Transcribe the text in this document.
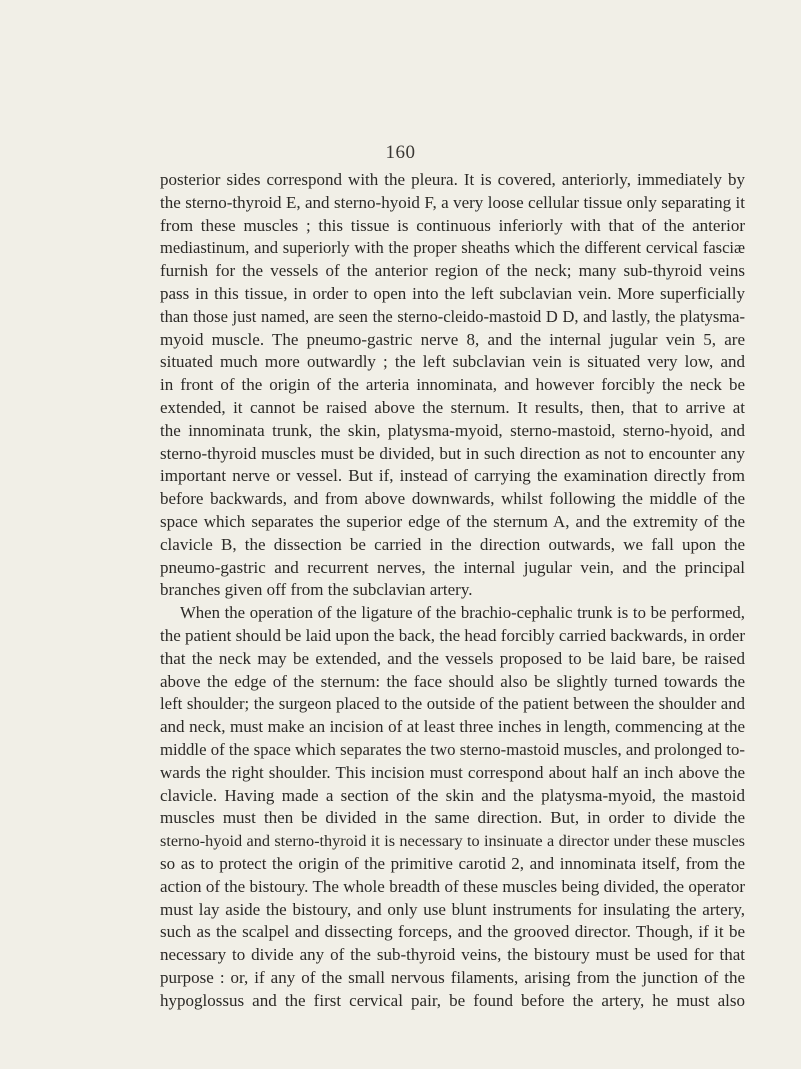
160

posterior sides correspond with the pleura. It is covered, anteriorly, immediately by

the sterno-thyroid E, and sterno-hyoid F, a very loose cellular tissue only separating it

from these muscles ; this tissue is continuous inferiorly with that of the anterior

mediastinum, and superiorly with the proper sheaths which the different cervical fasciæ

furnish for the vessels of the anterior region of the neck; many sub-thyroid veins

pass in this tissue, in order to open into the left subclavian vein. More superficially

than those just named, are seen the sterno-cleido-mastoid D D, and lastly, the platysma-

myoid muscle. The pneumo-gastric nerve 8, and the internal jugular vein 5, are

situated much more outwardly ; the left subclavian vein is situated very low, and

in front of the origin of the arteria innominata, and however forcibly the neck be

extended, it cannot be raised above the sternum. It results, then, that to arrive at

the innominata trunk, the skin, platysma-myoid, sterno-mastoid, sterno-hyoid, and

sterno-thyroid muscles must be divided, but in such direction as not to encounter any

important nerve or vessel. But if, instead of carrying the examination directly from

before backwards, and from above downwards, whilst following the middle of the

space which separates the superior edge of the sternum A, and the extremity of the

clavicle B, the dissection be carried in the direction outwards, we fall upon the

pneumo-gastric and recurrent nerves, the internal jugular vein, and the principal

branches given off from the subclavian artery.

When the operation of the ligature of the brachio-cephalic trunk is to be performed,

the patient should be laid upon the back, the head forcibly carried backwards, in order

that the neck may be extended, and the vessels proposed to be laid bare, be raised

above the edge of the sternum: the face should also be slightly turned towards the

left shoulder; the surgeon placed to the outside of the patient between the shoulder and

and neck, must make an incision of at least three inches in length, commencing at the

middle of the space which separates the two sterno-mastoid muscles, and prolonged to-

wards the right shoulder. This incision must correspond about half an inch above the

clavicle. Having made a section of the skin and the platysma-myoid, the mastoid

muscles must then be divided in the same direction. But, in order to divide the

sterno-hyoid and sterno-thyroid it is necessary to insinuate a director under these muscles

so as to protect the origin of the primitive carotid 2, and innominata itself, from the

action of the bistoury. The whole breadth of these muscles being divided, the operator

must lay aside the bistoury, and only use blunt instruments for insulating the artery,

such as the scalpel and dissecting forceps, and the grooved director. Though, if it be

necessary to divide any of the sub-thyroid veins, the bistoury must be used for that

purpose : or, if any of the small nervous filaments, arising from the junction of the

hypoglossus and the first cervical pair, be found before the artery, he must also
